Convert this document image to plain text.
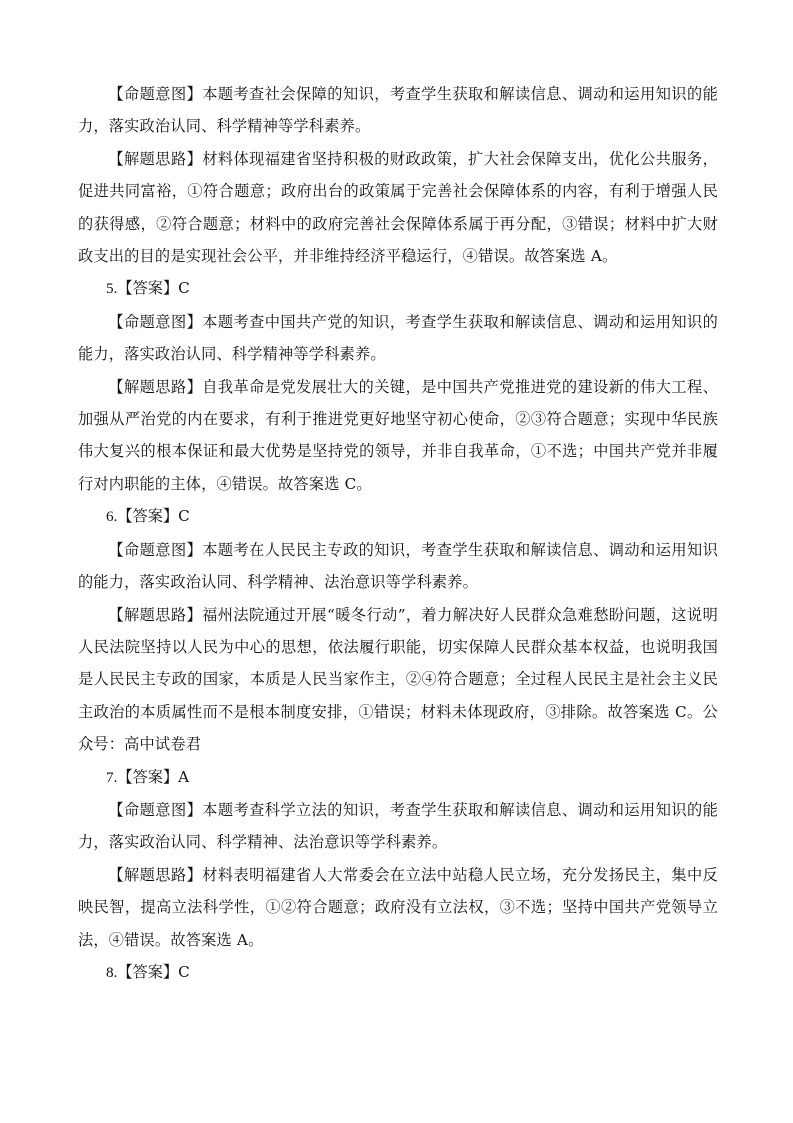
【命题意图】本题考查社会保障的知识，考查学生获取和解读信息、调动和运用知识的能力，落实政治认同、科学精神等学科素养。

【解题思路】材料体现福建省坚持积极的财政政策，扩大社会保障支出，优化公共服务，促进共同富裕，①符合题意；政府出台的政策属于完善社会保障体系的内容，有利于增强人民的获得感，②符合题意；材料中的政府完善社会保障体系属于再分配，③错误；材料中扩大财政支出的目的是实现社会公平，并非维持经济平稳运行，④错误。故答案选 A。

5.【答案】C

【命题意图】本题考查中国共产党的知识，考查学生获取和解读信息、调动和运用知识的能力，落实政治认同、科学精神等学科素养。

【解题思路】自我革命是党发展壮大的关键，是中国共产党推进党的建设新的伟大工程、加强从严治党的内在要求，有利于推进党更好地坚守初心使命，②③符合题意；实现中华民族伟大复兴的根本保证和最大优势是坚持党的领导，并非自我革命，①不选；中国共产党并非履行对内职能的主体，④错误。故答案选 C。

6.【答案】C

【命题意图】本题考在人民民主专政的知识，考查学生获取和解读信息、调动和运用知识的能力，落实政治认同、科学精神、法治意识等学科素养。

【解题思路】福州法院通过开展“暖冬行动”，着力解决好人民群众急难愁盼问题，这说明人民法院坚持以人民为中心的思想，依法履行职能，切实保障人民群众基本权益，也说明我国是人民民主专政的国家，本质是人民当家作主，②④符合题意；全过程人民民主是社会主义民主政治的本质属性而不是根本制度安排，①错误；材料未体现政府，③排除。故答案选 C。公众号：高中试卷君

7.【答案】A

【命题意图】本题考查科学立法的知识，考查学生获取和解读信息、调动和运用知识的能力，落实政治认同、科学精神、法治意识等学科素养。

【解题思路】材料表明福建省人大常委会在立法中站稳人民立场，充分发扬民主，集中反映民智，提高立法科学性，①②符合题意；政府没有立法权，③不选；坚持中国共产党领导立法，④错误。故答案选 A。

8.【答案】C
